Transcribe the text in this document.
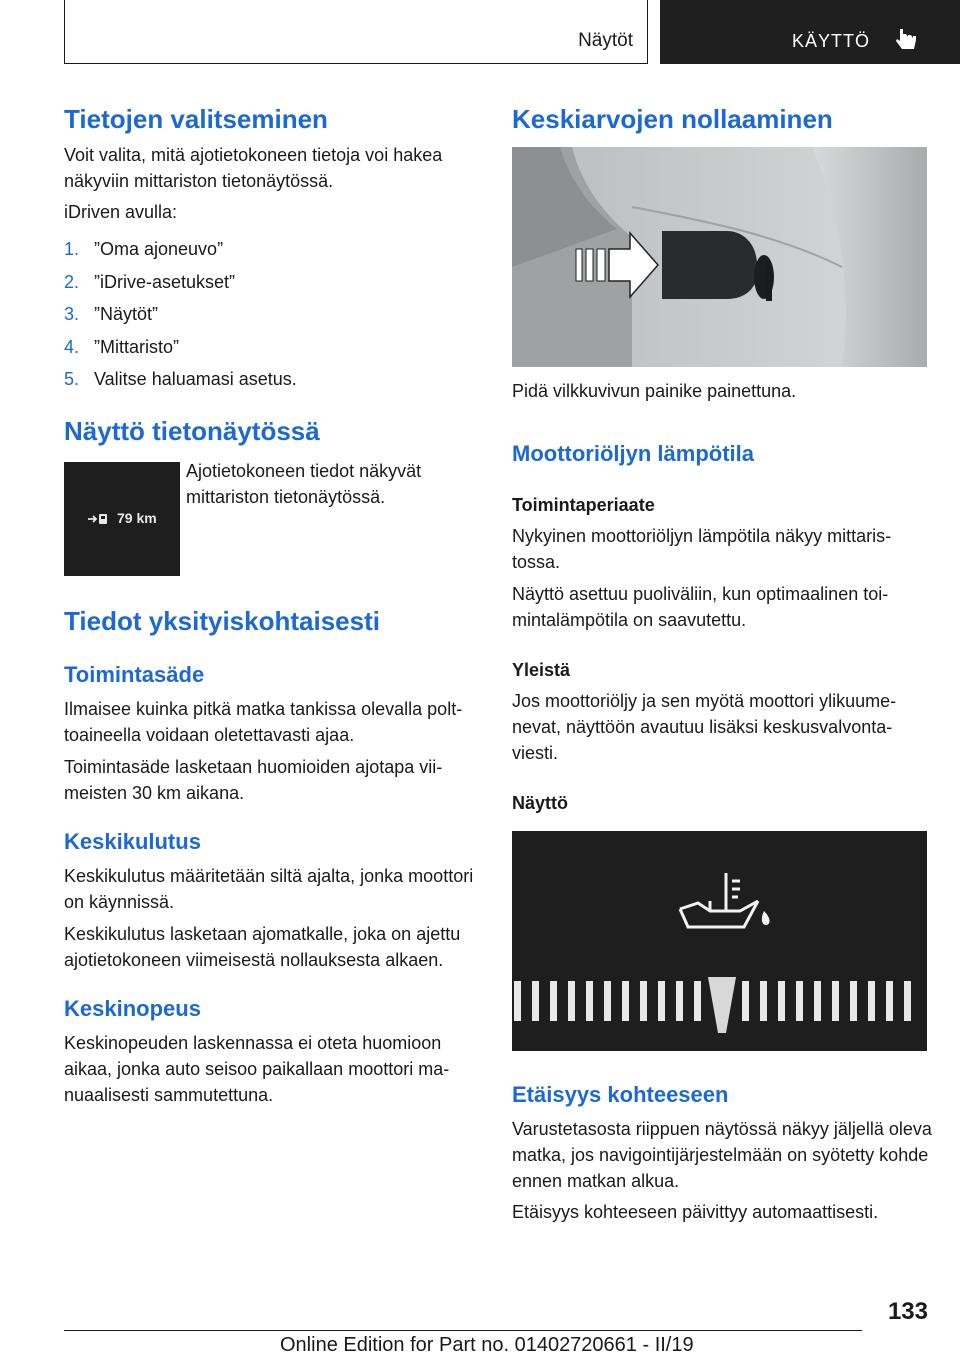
Näytöt	KÄYTTÖ
Tietojen valitseminen

Voit valita, mitä ajotietokoneen tietoja voi hakea näkyviin mittariston tietonäytössä.

iDriven avulla:

1. ”Oma ajoneuvo”
2. ”iDrive-asetukset”
3. ”Näytöt”
4. ”Mittaristo”
5. Valitse haluamasi asetus.
Näyttö tietonäytössä
79 km

Ajotietokoneen tiedot näkyvät mittariston tietonäytössä.

Tiedot yksityiskohtaisesti
Toimintasäde

Ilmaisee kuinka pitkä matka tankissa olevalla polttoaineella voidaan oletettavasti ajaa.

Toimintasäde lasketaan huomioiden ajotapa viimeisten 30 km aikana.

Keskikulutus

Keskikulutus määritetään siltä ajalta, jonka moottori on käynnissä.

Keskikulutus lasketaan ajomatkalle, joka on ajettu ajotietokoneen viimeisestä nollauksesta alkaen.

Keskinopeus

Keskinopeuden laskennassa ei oteta huomioon aikaa, jonka auto seisoo paikallaan moottori manuaalisesti sammutettuna.

Keskiarvojen nollaaminen

Pidä vilkkuvivun painike painettuna.

Moottoriöljyn lämpötila
Toimintaperiaate

Nykyinen moottoriöljyn lämpötila näkyy mittaristossa.

Näyttö asettuu puoliväliin, kun optimaalinen toimintalämpötila on saavutettu.

Yleistä

Jos moottoriöljy ja sen myötä moottori ylikuumenevat, näyttöön avautuu lisäksi keskusvalvontaviesti.

Näyttö
Etäisyys kohteeseen

Varustetasosta riippuen näytössä näkyy jäljellä oleva matka, jos navigointijärjestelmään on syötetty kohde ennen matkan alkua.

Etäisyys kohteeseen päivittyy automaattisesti.

133
Online Edition for Part no. 01402720661 - II/19
